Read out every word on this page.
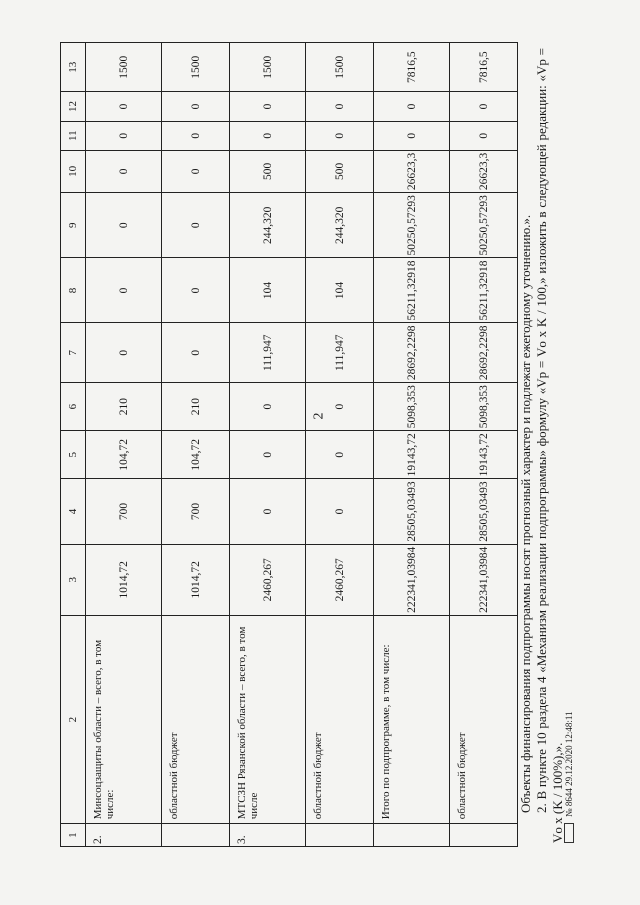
2
1	2	3	4	5	6	7	8	9	10	11	12	13
2.	Минсоцзащиты области – всего, в том числе:	1014,72	700	104,72	210	0	0	0	0	0	0	1500
	областной бюджет	1014,72	700	104,72	210	0	0	0	0	0	0	1500
3.	МТСЗН Рязанской области – всего, в том числе	2460,267	0	0	0	111,947	104	244,320	500	0	0	1500
	областной бюджет	2460,267	0	0	0	111,947	104	244,320	500	0	0	1500
	Итого по подпрограмме, в том числе:	222341,03984	28505,03493	19143,72	5098,353	28692,2298	56211,32918	50250,57293	26623,3	0	0	7816,5
	областной бюджет	222341,03984	28505,03493	19143,72	5098,353	28692,2298	56211,32918	50250,57293	26623,3	0	0	7816,5

Объекты финансирования подпрограммы носят прогнозный характер и подлежат ежегодному уточнению.». 2. В пункте 10 раздела 4 «Механизм реализации подпрограммы» формулу «Vр = Vо x K / 100,» изложить в следующей редакции: «Vр = Vо x (K / 100%),». № 8644 29.12.2020 12:48:11
